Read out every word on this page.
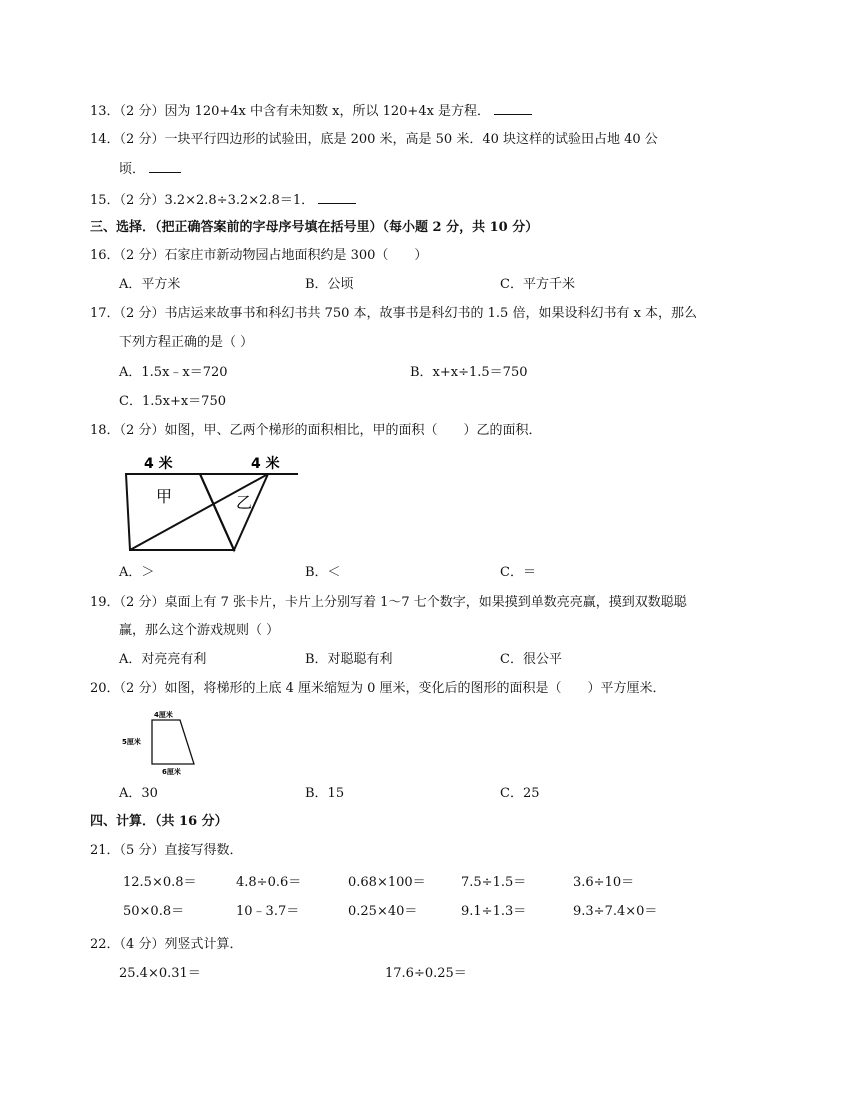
13．（2 分）因为 120+4x 中含有未知数 x，所以 120+4x 是方程．
14．（2 分）一块平行四边形的试验田，底是 200 米，高是 50 米．40 块这样的试验田占地 40 公
顷．
15．（2 分）3.2×2.8÷3.2×2.8＝1．
三、选择．（把正确答案前的字母序号填在括号里）（每小题 2 分，共 10 分）
16．（2 分）石家庄市新动物园占地面积约是 300（　　）
A．平方米	B．公顷	C．平方千米
17．（2 分）书店运来故事书和科幻书共 750 本，故事书是科幻书的 1.5 倍，如果设科幻书有 x 本，那么
下列方程正确的是（ ）
A．1.5x﹣x＝720	B．x+x÷1.5＝750
C．1.5x+x＝750
18．（2 分）如图，甲、乙两个梯形的面积相比，甲的面积（　　）乙的面积．
4 米	4 米
甲	乙
A．＞	B．＜	C．＝
19．（2 分）桌面上有 7 张卡片，卡片上分别写着 1～7 七个数字，如果摸到单数亮亮赢，摸到双数聪聪
赢，那么这个游戏规则（ ）
A．对亮亮有利	B．对聪聪有利	C．很公平
20．（2 分）如图，将梯形的上底 4 厘米缩短为 0 厘米，变化后的图形的面积是（　　）平方厘米．
4厘米
5厘米
6厘米
A．30	B．15	C．25
四、计算．（共 16 分）
21．（5 分）直接写得数．
12.5×0.8＝	4.8÷0.6＝	0.68×100＝	7.5÷1.5＝	3.6÷10＝
50×0.8＝	10﹣3.7＝	0.25×40＝	9.1÷1.3＝	9.3÷7.4×0＝
22．（4 分）列竖式计算．
25.4×0.31＝	17.6÷0.25＝
